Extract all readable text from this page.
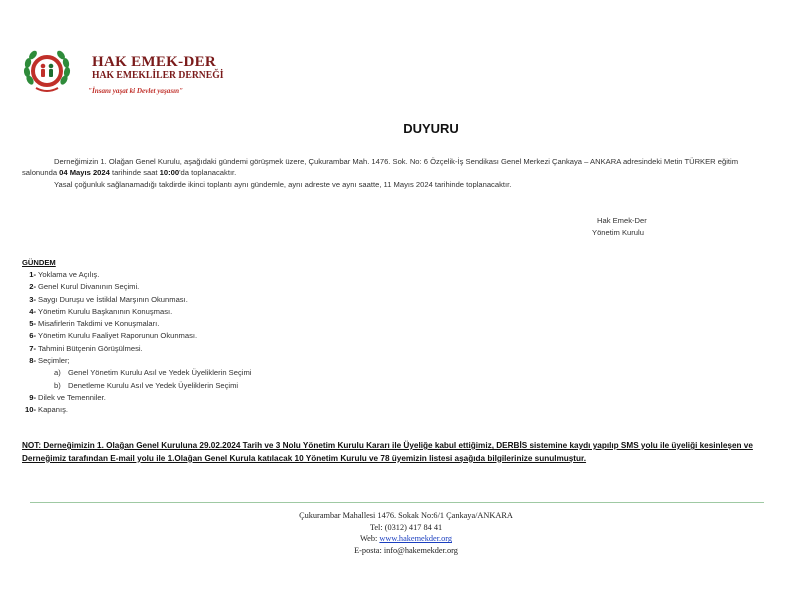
HAK EMEK-DER
HAK EMEKLİLER DERNEĞİ
"İnsanı yaşat ki Devlet yaşasın"
DUYURU
Derneğimizin 1. Olağan Genel Kurulu, aşağıdaki gündemi görüşmek üzere, Çukurambar Mah. 1476. Sok. No: 6 Özçelik-İş Sendikası Genel Merkezi Çankaya – ANKARA adresindeki Metin TÜRKER eğitim salonunda 04 Mayıs 2024 tarihinde saat 10:00'da toplanacaktır.
Yasal çoğunluk sağlanamadığı takdirde ikinci toplantı aynı gündemle, aynı adreste ve aynı saatte, 11 Mayıs 2024 tarihinde toplanacaktır.
Hak Emek-Der
Yönetim Kurulu
GÜNDEM
1- Yoklama ve Açılış.
2- Genel Kurul Divanının Seçimi.
3- Saygı Duruşu ve İstiklal Marşının Okunması.
4- Yönetim Kurulu Başkanının Konuşması.
5- Misafirlerin Takdimi ve Konuşmaları.
6- Yönetim Kurulu Faaliyet Raporunun Okunması.
7- Tahmini Bütçenin Görüşülmesi.
8- Seçimler;
a) Genel Yönetim Kurulu Asıl ve Yedek Üyeliklerin Seçimi
b) Denetleme Kurulu Asıl ve Yedek Üyeliklerin Seçimi
9- Dilek ve Temenniler.
10- Kapanış.
NOT: Derneğimizin 1. Olağan Genel Kuruluna 29.02.2024 Tarih ve 3 Nolu Yönetim Kurulu Kararı ile Üyeliğe kabul ettiğimiz, DERBİS sistemine kaydı yapılıp SMS yolu ile üyeliği kesinleşen ve Derneğimiz tarafından E-mail yolu ile 1.Olağan Genel Kurula katılacak 10 Yönetim Kurulu ve 78 üyemizin listesi aşağıda bilgilerinize sunulmuştur.
Çukurambar Mahallesi 1476. Sokak No:6/1 Çankaya/ANKARA
Tel: (0312) 417 84 41
Web: www.hakemekder.org
E-posta: info@hakemekder.org
